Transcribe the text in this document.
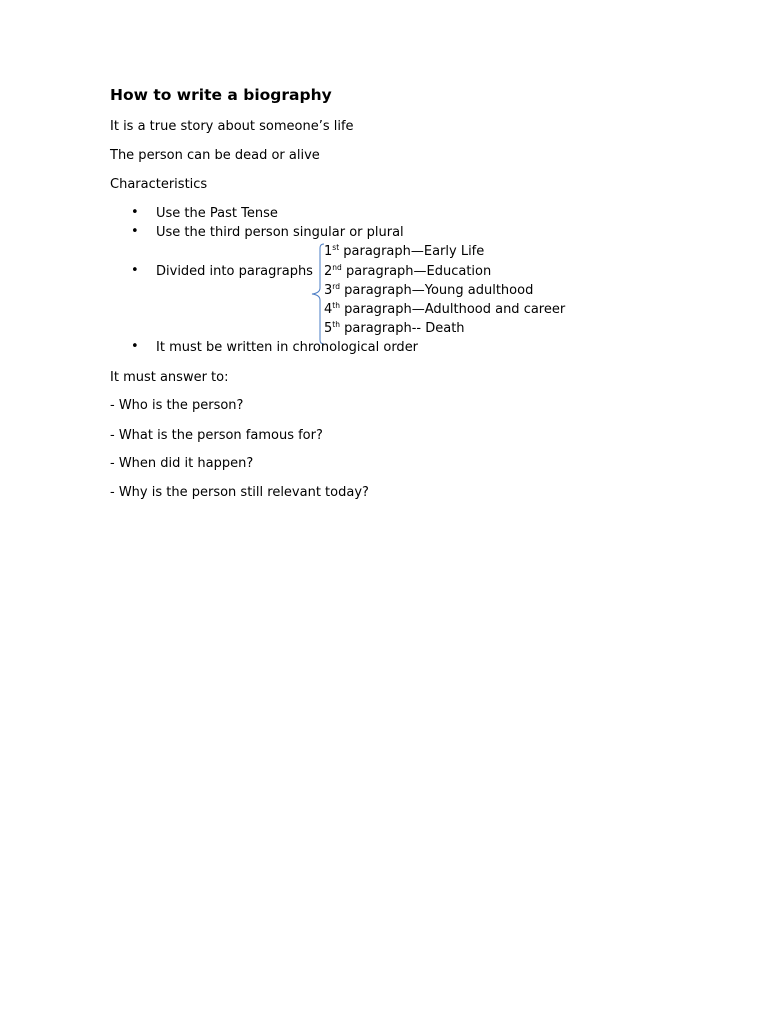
How to write a biography
It is a true story about someone’s life
The person can be dead or alive
Characteristics
• Use the Past Tense
• Use the third person singular or plural
• Divided into paragraphs
1st paragraph—Early Life
2nd paragraph—Education
3rd paragraph—Young adulthood
4th paragraph—Adulthood and career
5th paragraph-- Death
• It must be written in chronological order
It must answer to:
- Who is the person?
- What is the person famous for?
- When did it happen?
- Why is the person still relevant today?
